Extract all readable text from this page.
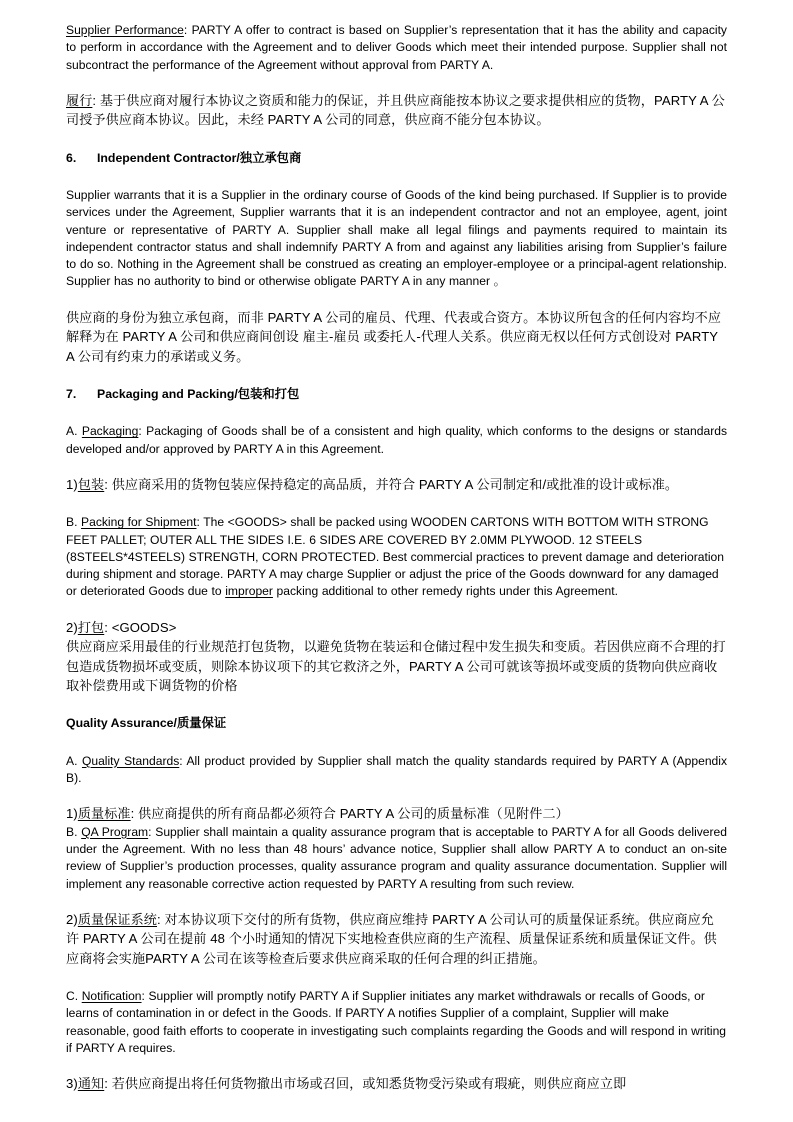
Supplier Performance: PARTY A offer to contract is based on Supplier’s representation that it has the ability and capacity to perform in accordance with the Agreement and to deliver Goods which meet their intended purpose. Supplier shall not subcontract the performance of the Agreement without approval from PARTY A.

履行: 基于供应商对履行本协议之资质和能力的保证，并且供应商能按本协议之要求提供相应的货物，PARTY A 公司授予供应商本协议。因此，未经 PARTY A 公司的同意，供应商不能分包本协议。

6. Independent Contractor/独立承包商

Supplier warrants that it is a Supplier in the ordinary course of Goods of the kind being purchased. If Supplier is to provide services under the Agreement, Supplier warrants that it is an independent contractor and not an employee, agent, joint venture or representative of PARTY A. Supplier shall make all legal filings and payments required to maintain its independent contractor status and shall indemnify PARTY A from and against any liabilities arising from Supplier’s failure to do so. Nothing in the Agreement shall be construed as creating an employer-employee or a principal-agent relationship. Supplier has no authority to bind or otherwise obligate PARTY A in any manner 。

供应商的身份为独立承包商，而非 PARTY A 公司的雇员、代理、代表或合资方。本协议所包含的任何内容均不应解释为在 PARTY A 公司和供应商间创设 雇主-雇员 或委托人-代理人关系。供应商无权以任何方式创设对 PARTY A 公司有约束力的承诺或义务。

7. Packaging and Packing/包装和打包

A. Packaging: Packaging of Goods shall be of a consistent and high quality, which conforms to the designs or standards developed and/or approved by PARTY A in this Agreement.

1)包装: 供应商采用的货物包装应保持稳定的高品质，并符合 PARTY A 公司制定和/或批准的设计或标准。

B. Packing for Shipment: The <GOODS> shall be packed using WOODEN CARTONS WITH BOTTOM WITH STRONG FEET PALLET; OUTER ALL THE SIDES I.E. 6 SIDES ARE COVERED BY 2.0MM PLYWOOD. 12 STEELS (8STEELS*4STEELS) STRENGTH, CORN PROTECTED. Best commercial practices to prevent damage and deterioration during shipment and storage. PARTY A may charge Supplier or adjust the price of the Goods downward for any damaged or deteriorated Goods due to improper packing additional to other remedy rights under this Agreement.

2)打包: <GOODS>

供应商应采用最佳的行业规范打包货物，以避免货物在装运和仓储过程中发生损失和变质。若因供应商不合理的打包造成货物损坏或变质，则除本协议项下的其它救济之外，PARTY A 公司可就该等损坏或变质的货物向供应商收取补偿费用或下调货物的价格

Quality Assurance/质量保证

A. Quality Standards: All product provided by Supplier shall match the quality standards required by PARTY A (Appendix B).

1)质量标准: 供应商提供的所有商品都必须符合 PARTY A 公司的质量标准（见附件二）

B. QA Program: Supplier shall maintain a quality assurance program that is acceptable to PARTY A for all Goods delivered under the Agreement. With no less than 48 hours’ advance notice, Supplier shall allow PARTY A to conduct an on-site review of Supplier’s production processes, quality assurance program and quality assurance documentation. Supplier will implement any reasonable corrective action requested by PARTY A resulting from such review.

2)质量保证系统: 对本协议项下交付的所有货物，供应商应维持 PARTY A 公司认可的质量保证系统。供应商应允许 PARTY A 公司在提前 48 个小时通知的情况下实地检查供应商的生产流程、质量保证系统和质量保证文件。供应商将会实施PARTY A 公司在该等检查后要求供应商采取的任何合理的纠正措施。

C. Notification: Supplier will promptly notify PARTY A if Supplier initiates any market withdrawals or recalls of Goods, or learns of contamination in or defect in the Goods. If PARTY A notifies Supplier of a complaint, Supplier will make reasonable, good faith efforts to cooperate in investigating such complaints regarding the Goods and will respond in writing if PARTY A requires.

3)通知: 若供应商提出将任何货物撤出市场或召回，或知悉货物受污染或有瑕疵，则供应商应立即
